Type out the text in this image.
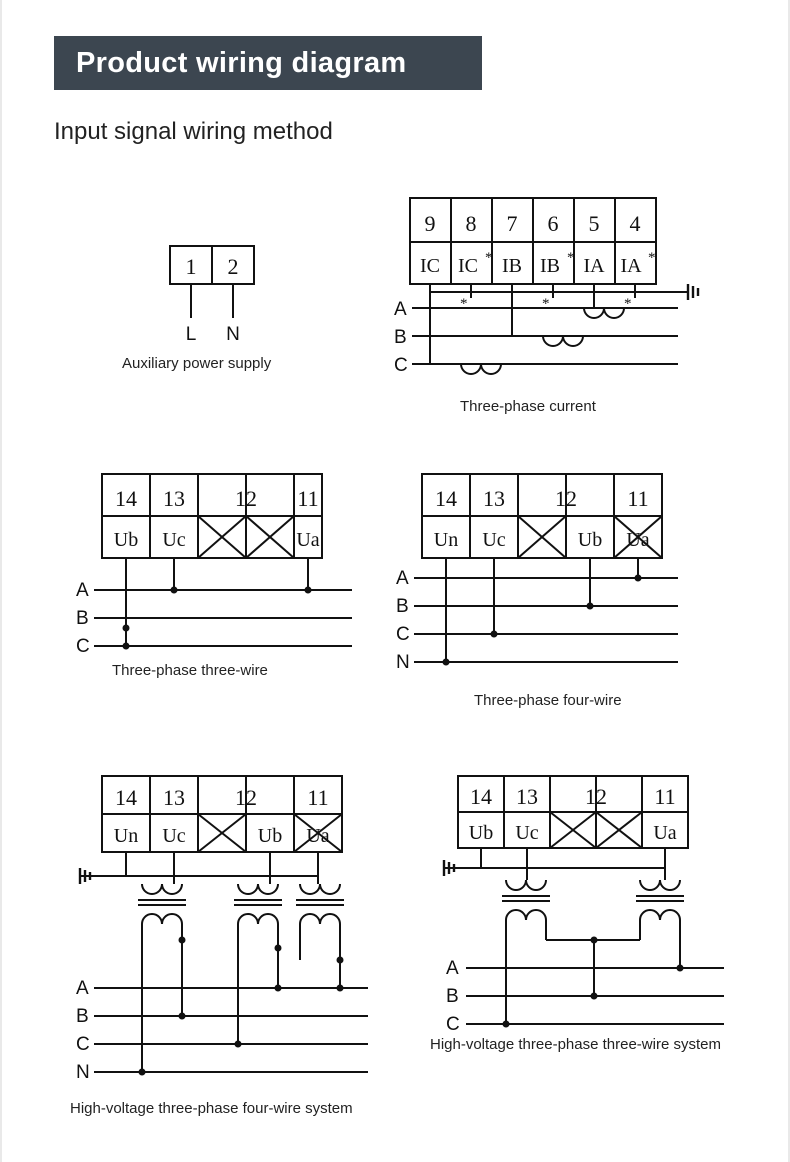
Product wiring diagram
Input signal wiring method
1 2
L N
Auxiliary power supply
9 8 7 6 5 4
IC IC * IB IB * IA IA *
A
B
C
*	*	*
Three-phase current
14 13 12 11
Ub Uc	Ua
A
B
C
Three-phase three-wire
14 13 12 11
Un Uc	Ub Ua
A
B
C
N
Three-phase four-wire
14 13 12 11
Un Uc	Ub Ua
A
B
C
N
High-voltage three-phase four-wire system
14 13 12 11
Ub Uc	Ua
A
B
C
High-voltage three-phase three-wire system
